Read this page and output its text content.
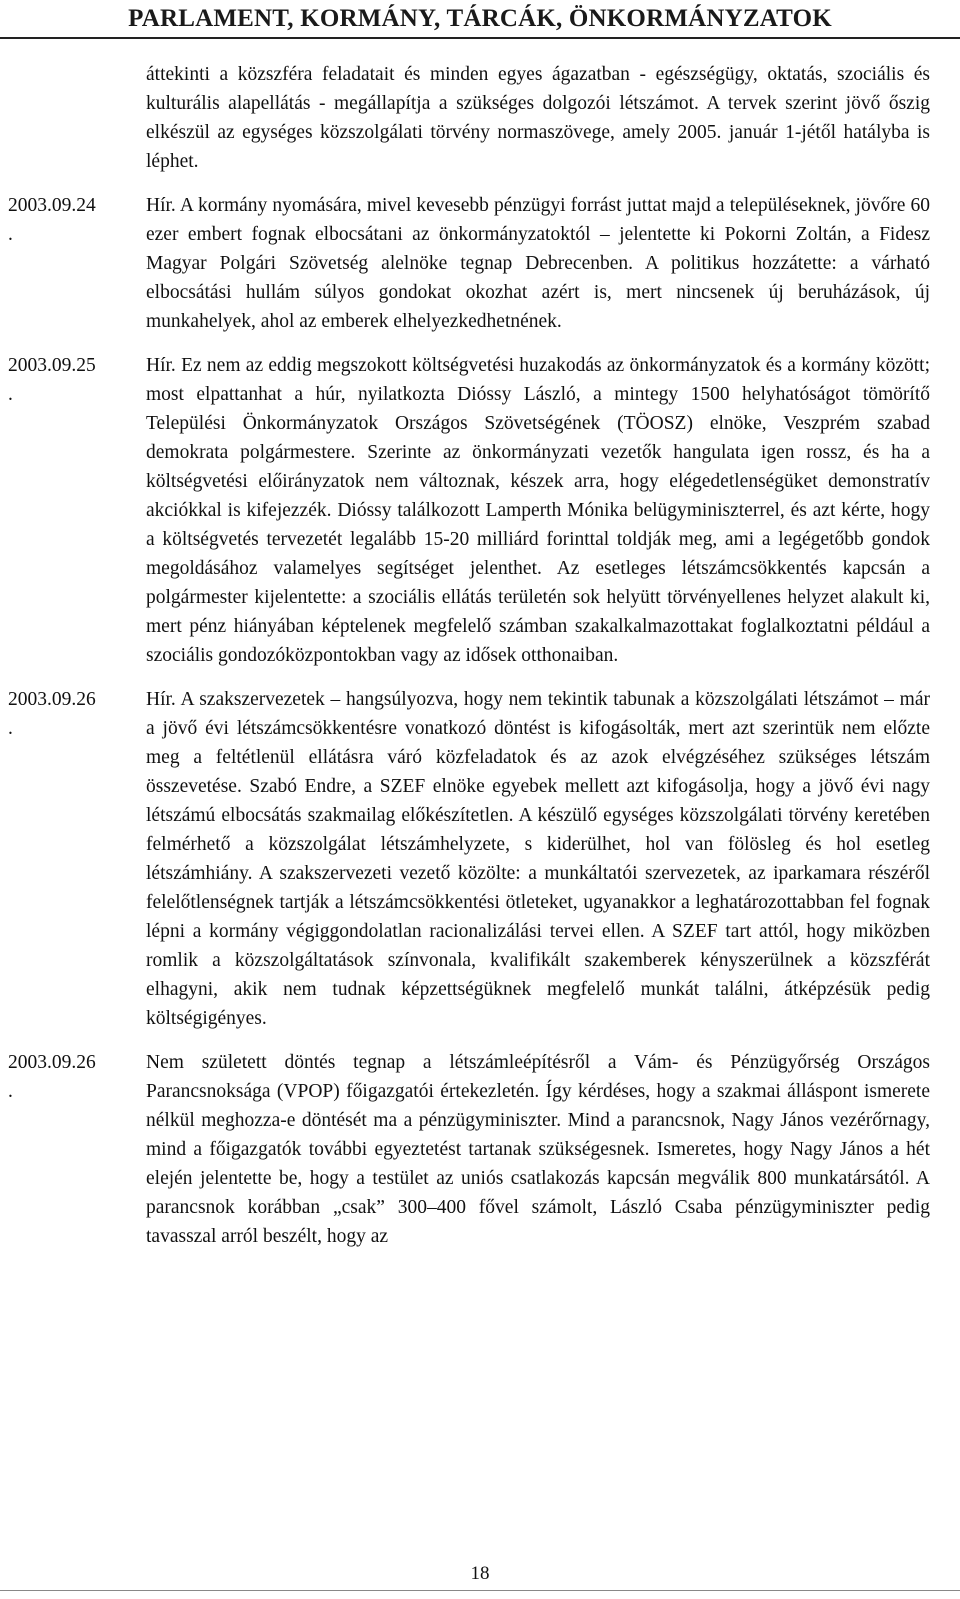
PARLAMENT, KORMÁNY, TÁRCÁK, ÖNKORMÁNYZATOK
áttekinti a közszféra feladatait és minden egyes ágazatban - egészségügy, oktatás, szociális és kulturális alapellátás - megállapítja a szükséges dolgozói létszámot. A tervek szerint jövő őszig elkészül az egységes közszolgálati törvény normaszövege, amely 2005. január 1-jétől hatályba is léphet.
2003.09.24
.
Hír. A kormány nyomására, mivel kevesebb pénzügyi forrást juttat majd a településeknek, jövőre 60 ezer embert fognak elbocsátani az önkormányzatoktól – jelentette ki Pokorni Zoltán, a Fidesz Magyar Polgári Szövetség alelnöke tegnap Debrecenben. A politikus hozzátette: a várható elbocsátási hullám súlyos gondokat okozhat azért is, mert nincsenek új beruházások, új munkahelyek, ahol az emberek elhelyezkedhetnének.
2003.09.25
.
Hír. Ez nem az eddig megszokott költségvetési huzakodás az önkormányzatok és a kormány között; most elpattanhat a húr, nyilatkozta Dióssy László, a mintegy 1500 helyhatóságot tömörítő Települési Önkormányzatok Országos Szövetségének (TÖOSZ) elnöke, Veszprém szabad demokrata polgármestere. Szerinte az önkormányzati vezetők hangulata igen rossz, és ha a költségvetési előirányzatok nem változnak, készek arra, hogy elégedetlenségüket demonstratív akciókkal is kifejezzék. Dióssy találkozott Lamperth Mónika belügyminiszterrel, és azt kérte, hogy a költségvetés tervezetét legalább 15-20 milliárd forinttal toldják meg, ami a legégetőbb gondok megoldásához valamelyes segítséget jelenthet. Az esetleges létszámcsökkentés kapcsán a polgármester kijelentette: a szociális ellátás területén sok helyütt törvényellenes helyzet alakult ki, mert pénz hiányában képtelenek megfelelő számban szakalkalmazottakat foglalkoztatni például a szociális gondozóközpontokban vagy az idősek otthonaiban.
2003.09.26
.
Hír. A szakszervezetek – hangsúlyozva, hogy nem tekintik tabunak a közszolgálati létszámot – már a jövő évi létszámcsökkentésre vonatkozó döntést is kifogásolták, mert azt szerintük nem előzte meg a feltétlenül ellátásra váró közfeladatok és az azok elvégzéséhez szükséges létszám összevetése. Szabó Endre, a SZEF elnöke egyebek mellett azt kifogásolja, hogy a jövő évi nagy létszámú elbocsátás szakmailag előkészítetlen. A készülő egységes közszolgálati törvény keretében felmérhető a közszolgálat létszámhelyzete, s kiderülhet, hol van fölösleg és hol esetleg létszámhiány. A szakszervezeti vezető közölte: a munkáltatói szervezetek, az iparkamara részéről felelőtlenségnek tartják a létszámcsökkentési ötleteket, ugyanakkor a leghatározottabban fel fognak lépni a kormány végiggondolatlan racionalizálási tervei ellen. A SZEF tart attól, hogy miközben romlik a közszolgáltatások színvonala, kvalifikált szakemberek kényszerülnek a közszférát elhagyni, akik nem tudnak képzettségüknek megfelelő munkát találni, átképzésük pedig költségigényes.
2003.09.26
.
Nem született döntés tegnap a létszámleépítésről a Vám- és Pénzügyőrség Országos Parancsnoksága (VPOP) főigazgatói értekezletén. Így kérdéses, hogy a szakmai álláspont ismerete nélkül meghozza-e döntését ma a pénzügyminiszter. Mind a parancsnok, Nagy János vezérőrnagy, mind a főigazgatók további egyeztetést tartanak szükségesnek. Ismeretes, hogy Nagy János a hét elején jelentette be, hogy a testület az uniós csatlakozás kapcsán megválik 800 munkatársától. A parancsnok korábban „csak” 300–400 fővel számolt, László Csaba pénzügyminiszter pedig tavasszal arról beszélt, hogy az
18
